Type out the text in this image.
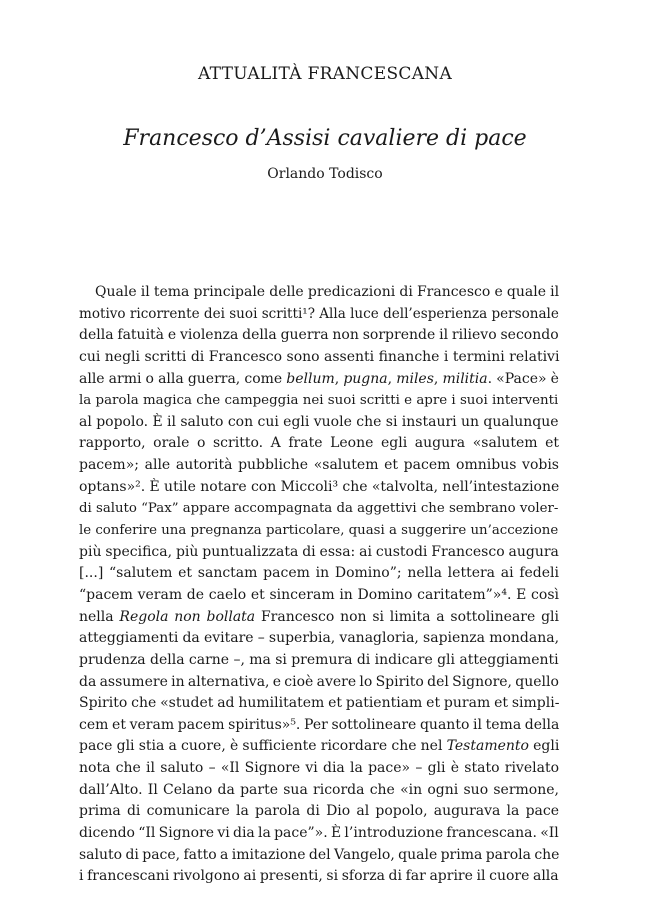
ATTUALITÀ FRANCESCANA
Francesco d’Assisi cavaliere di pace
Orlando Todisco
Quale il tema principale delle predicazioni di Francesco e quale il
motivo ricorrente dei suoi scritti¹? Alla luce dell’esperienza personale
della fatuità e violenza della guerra non sorprende il rilievo secondo
cui negli scritti di Francesco sono assenti finanche i termini relativi
alle armi o alla guerra, come bellum, pugna, miles, militia. «Pace» è
la parola magica che campeggia nei suoi scritti e apre i suoi interventi
al popolo. È il saluto con cui egli vuole che si instauri un qualunque
rapporto, orale o scritto. A frate Leone egli augura «salutem et
pacem»; alle autorità pubbliche «salutem et pacem omnibus vobis
optans»². È utile notare con Miccoli³ che «talvolta, nell’intestazione
di saluto “Pax” appare accompagnata da aggettivi che sembrano voler-
le conferire una pregnanza particolare, quasi a suggerire un’accezione
più specifica, più puntualizzata di essa: ai custodi Francesco augura
[...] “salutem et sanctam pacem in Domino”; nella lettera ai fedeli
“pacem veram de caelo et sinceram in Domino caritatem”»⁴. E così
nella Regola non bollata Francesco non si limita a sottolineare gli
atteggiamenti da evitare – superbia, vanagloria, sapienza mondana,
prudenza della carne –, ma si premura di indicare gli atteggiamenti
da assumere in alternativa, e cioè avere lo Spirito del Signore, quello
Spirito che «studet ad humilitatem et patientiam et puram et simpli-
cem et veram pacem spiritus»⁵. Per sottolineare quanto il tema della
pace gli stia a cuore, è sufficiente ricordare che nel Testamento egli
nota che il saluto – «Il Signore vi dia la pace» – gli è stato rivelato
dall’Alto. Il Celano da parte sua ricorda che «in ogni suo sermone,
prima di comunicare la parola di Dio al popolo, augurava la pace
dicendo “Il Signore vi dia la pace”». È l’introduzione francescana. «Il
saluto di pace, fatto a imitazione del Vangelo, quale prima parola che
i francescani rivolgono ai presenti, si sforza di far aprire il cuore alla
